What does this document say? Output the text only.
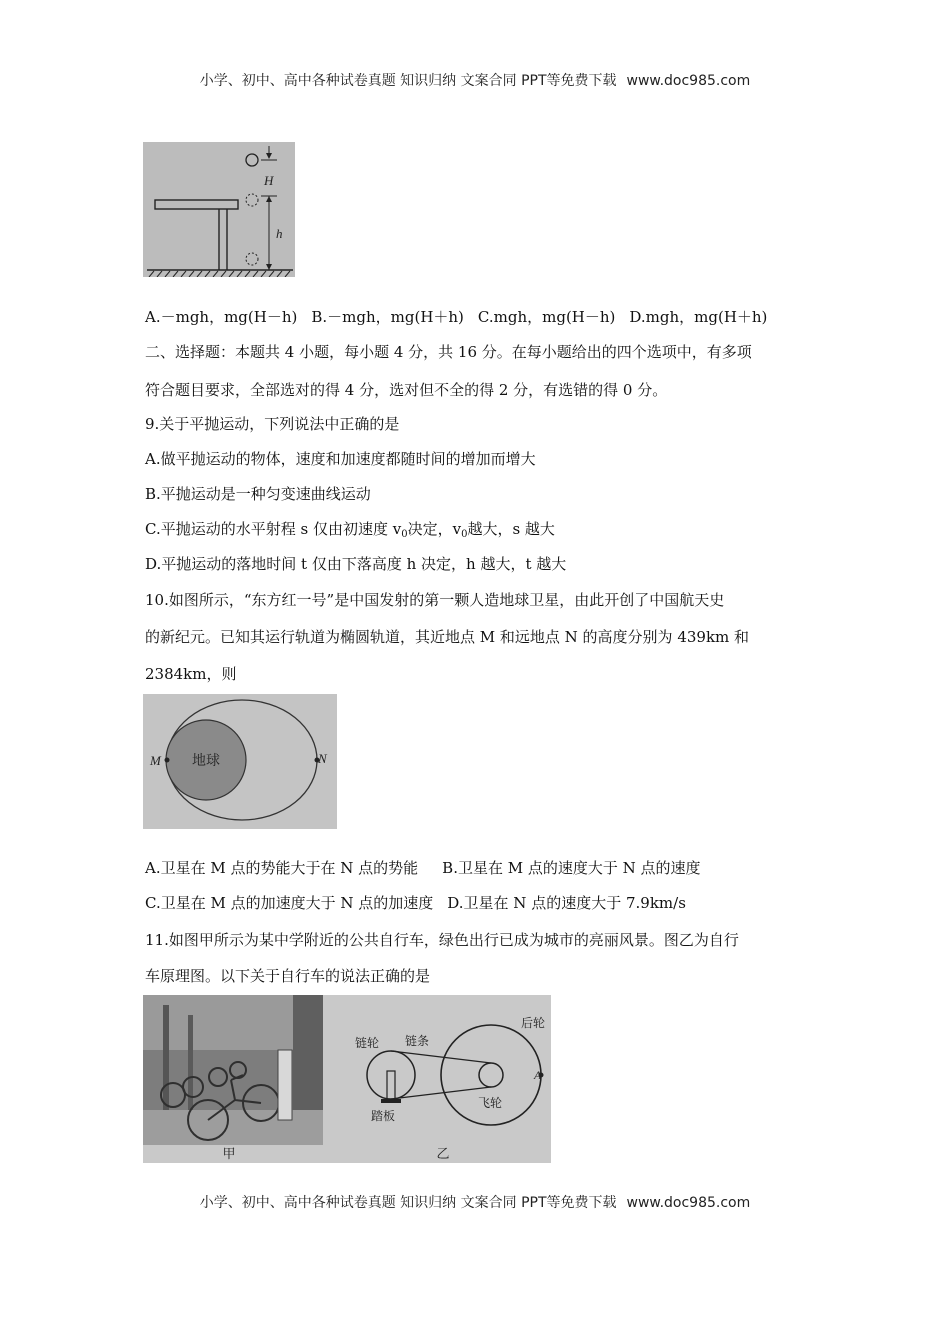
小学、初中、高中各种试卷真题 知识归纳 文案合同 PPT等免费下载 www.doc985.com
H
h
A.－mgh，mg(H－h) B.－mgh，mg(H＋h) C.mgh，mg(H－h) D.mgh，mg(H＋h)
二、选择题：本题共 4 小题，每小题 4 分，共 16 分。在每小题给出的四个选项中，有多项
符合题目要求，全部选对的得 4 分，选对但不全的得 2 分，有选错的得 0 分。
9.关于平抛运动，下列说法中正确的是
A.做平抛运动的物体，速度和加速度都随时间的增加而增大
B.平抛运动是一种匀变速曲线运动
C.平抛运动的水平射程 s 仅由初速度 $v_0$决定，$v_0$越大，s 越大
D.平抛运动的落地时间 t 仅由下落高度 h 决定，h 越大，t 越大
10.如图所示，“东方红一号”是中国发射的第一颗人造地球卫星，由此开创了中国航天史
的新纪元。已知其运行轨道为椭圆轨道，其近地点 M 和远地点 N 的高度分别为 439km 和
2384km，则
地球
M	N
A.卫星在 M 点的势能大于在 N 点的势能 B.卫星在 M 点的速度大于 N 点的速度
C.卫星在 M 点的加速度大于 N 点的加速度 D.卫星在 N 点的速度大于 7.9km/s
11.如图甲所示为某中学附近的公共自行车，绿色出行已成为城市的亮丽风景。图乙为自行
车原理图。以下关于自行车的说法正确的是
甲
链轮 链条
后轮
飞轮
踏板
A
乙
小学、初中、高中各种试卷真题 知识归纳 文案合同 PPT等免费下载 www.doc985.com
